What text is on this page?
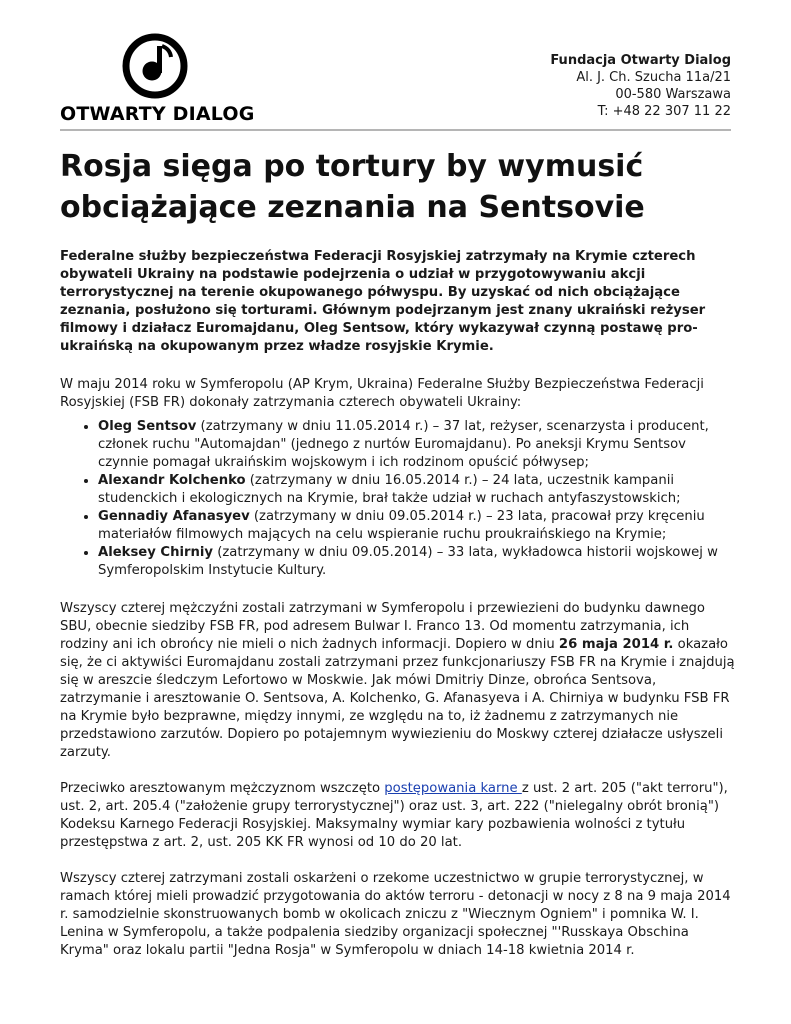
OTWARTY DIALOG
Fundacja Otwarty Dialog
Al. J. Ch. Szucha 11a/21
00-580 Warszawa
T: +48 22 307 11 22
Rosja sięga po tortury by wymusić obciążające zeznania na Sentsovie

Federalne służby bezpieczeństwa Federacji Rosyjskiej zatrzymały na Krymie czterech obywateli Ukrainy na podstawie podejrzenia o udział w przygotowywaniu akcji terrorystycznej na terenie okupowanego półwyspu. By uzyskać od nich obciążające zeznania, posłużono się torturami. Głównym podejrzanym jest znany ukraiński reżyser filmowy i działacz Euromajdanu, Oleg Sentsow, który wykazywał czynną postawę pro-ukraińską na okupowanym przez władze rosyjskie Krymie.

W maju 2014 roku w Symferopolu (AP Krym, Ukraina) Federalne Służby Bezpieczeństwa Federacji Rosyjskiej (FSB FR) dokonały zatrzymania czterech obywateli Ukrainy:

• Oleg Sentsov (zatrzymany w dniu 11.05.2014 r.) – 37 lat, reżyser, scenarzysta i producent, członek ruchu "Automajdan" (jednego z nurtów Euromajdanu). Po aneksji Krymu Sentsov czynnie pomagał ukraińskim wojskowym i ich rodzinom opuścić półwysep;
• Alexandr Kolchenko (zatrzymany w dniu 16.05.2014 r.) – 24 lata, uczestnik kampanii studenckich i ekologicznych na Krymie, brał także udział w ruchach antyfaszystowskich;
• Gennadiy Afanasyev (zatrzymany w dniu 09.05.2014 r.) – 23 lata, pracował przy kręceniu materiałów filmowych mających na celu wspieranie ruchu proukraińskiego na Krymie;
• Aleksey Chirniy (zatrzymany w dniu 09.05.2014) – 33 lata, wykładowca historii wojskowej w Symferopolskim Instytucie Kultury.

Wszyscy czterej mężczyźni zostali zatrzymani w Symferopolu i przewiezieni do budynku dawnego SBU, obecnie siedziby FSB FR, pod adresem Bulwar I. Franco 13. Od momentu zatrzymania, ich rodziny ani ich obrońcy nie mieli o nich żadnych informacji. Dopiero w dniu 26 maja 2014 r. okazało się, że ci aktywiści Euromajdanu zostali zatrzymani przez funkcjonariuszy FSB FR na Krymie i znajdują się w areszcie śledczym Lefortowo w Moskwie. Jak mówi Dmitriy Dinze, obrońca Sentsova, zatrzymanie i aresztowanie O. Sentsova, A. Kolchenko, G. Afanasyeva i A. Chirniya w budynku FSB FR na Krymie było bezprawne, między innymi, ze względu na to, iż żadnemu z zatrzymanych nie przedstawiono zarzutów. Dopiero po potajemnym wywiezieniu do Moskwy czterej działacze usłyszeli zarzuty.

Przeciwko aresztowanym mężczyznom wszczęto postępowania karne z ust. 2 art. 205 ("akt terroru"), ust. 2, art. 205.4 ("założenie grupy terrorystycznej") oraz ust. 3, art. 222 ("nielegalny obrót bronią") Kodeksu Karnego Federacji Rosyjskiej. Maksymalny wymiar kary pozbawienia wolności z tytułu przestępstwa z art. 2, ust. 205 KK FR wynosi od 10 do 20 lat.

Wszyscy czterej zatrzymani zostali oskarżeni o rzekome uczestnictwo w grupie terrorystycznej, w ramach której mieli prowadzić przygotowania do aktów terroru - detonacji w nocy z 8 na 9 maja 2014 r. samodzielnie skonstruowanych bomb w okolicach zniczu z "Wiecznym Ogniem" i pomnika W. I. Lenina w Symferopolu, a także podpalenia siedziby organizacji społecznej "'Russkaya Obschina Kryma" oraz lokalu partii "Jedna Rosja" w Symferopolu w dniach 14-18 kwietnia 2014 r.
